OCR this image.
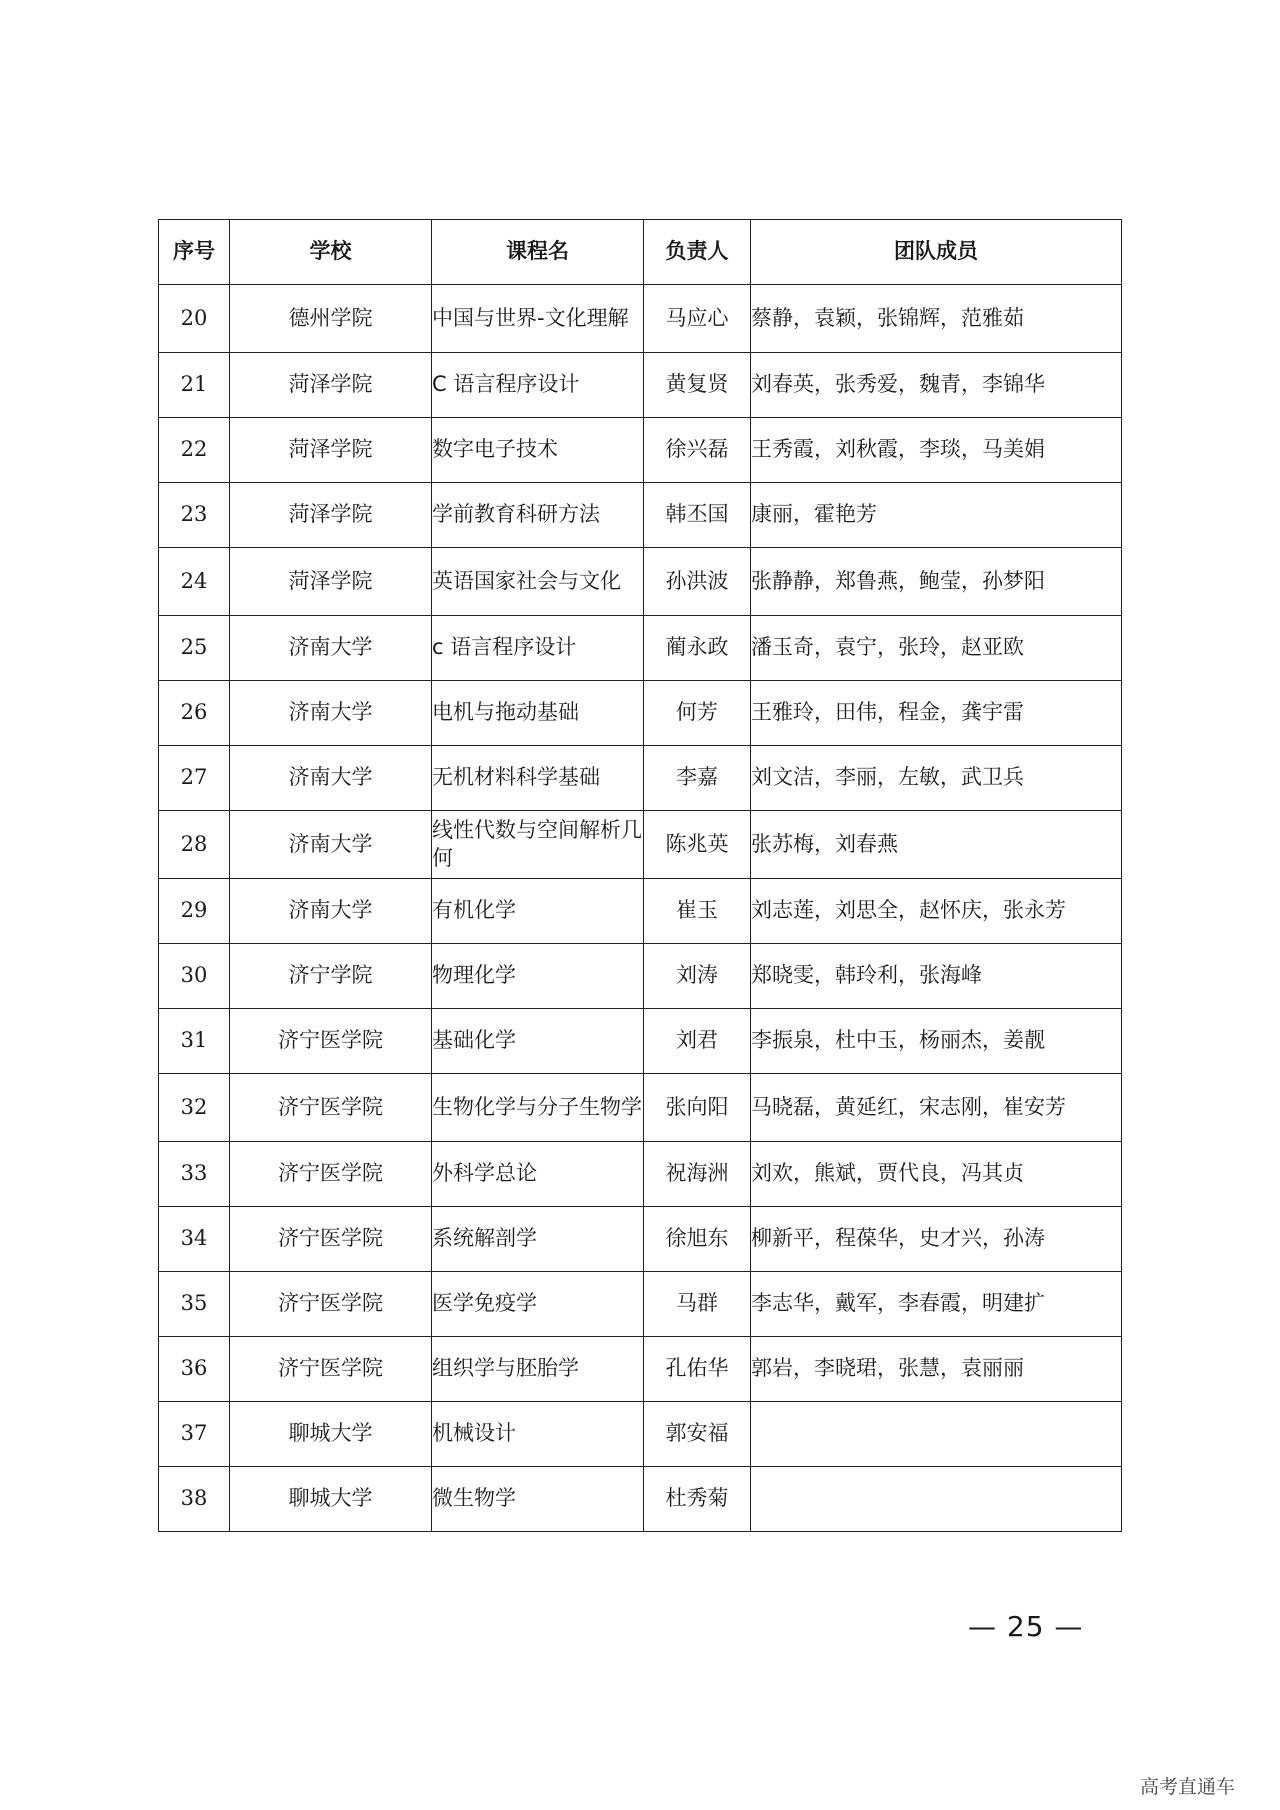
序号	学校	课程名	负责人	团队成员
20	德州学院	中国与世界-文化理解	马应心	蔡静，袁颖，张锦辉，范雅茹
21	菏泽学院	C 语言程序设计	黄复贤	刘春英，张秀爱，魏青，李锦华
22	菏泽学院	数字电子技术	徐兴磊	王秀霞，刘秋霞，李琰，马美娟
23	菏泽学院	学前教育科研方法	韩丕国	康丽，霍艳芳
24	菏泽学院	英语国家社会与文化	孙洪波	张静静，郑鲁燕，鲍莹，孙梦阳
25	济南大学	c 语言程序设计	蔺永政	潘玉奇，袁宁，张玲，赵亚欧
26	济南大学	电机与拖动基础	何芳	王雅玲，田伟，程金，龚宇雷
27	济南大学	无机材料科学基础	李嘉	刘文洁，李丽，左敏，武卫兵
28	济南大学	线性代数与空间解析几何	陈兆英	张苏梅，刘春燕
29	济南大学	有机化学	崔玉	刘志莲，刘思全，赵怀庆，张永芳
30	济宁学院	物理化学	刘涛	郑晓雯，韩玲利，张海峰
31	济宁医学院	基础化学	刘君	李振泉，杜中玉，杨丽杰，姜靓
32	济宁医学院	生物化学与分子生物学	张向阳	马晓磊，黄延红，宋志刚，崔安芳
33	济宁医学院	外科学总论	祝海洲	刘欢，熊斌，贾代良，冯其贞
34	济宁医学院	系统解剖学	徐旭东	柳新平，程葆华，史才兴，孙涛
35	济宁医学院	医学免疫学	马群	李志华，戴军，李春霞，明建扩
36	济宁医学院	组织学与胚胎学	孔佑华	郭岩，李晓珺，张慧，袁丽丽
37	聊城大学	机械设计	郭安福	
38	聊城大学	微生物学	杜秀菊	
— 25 —
高考直通车
